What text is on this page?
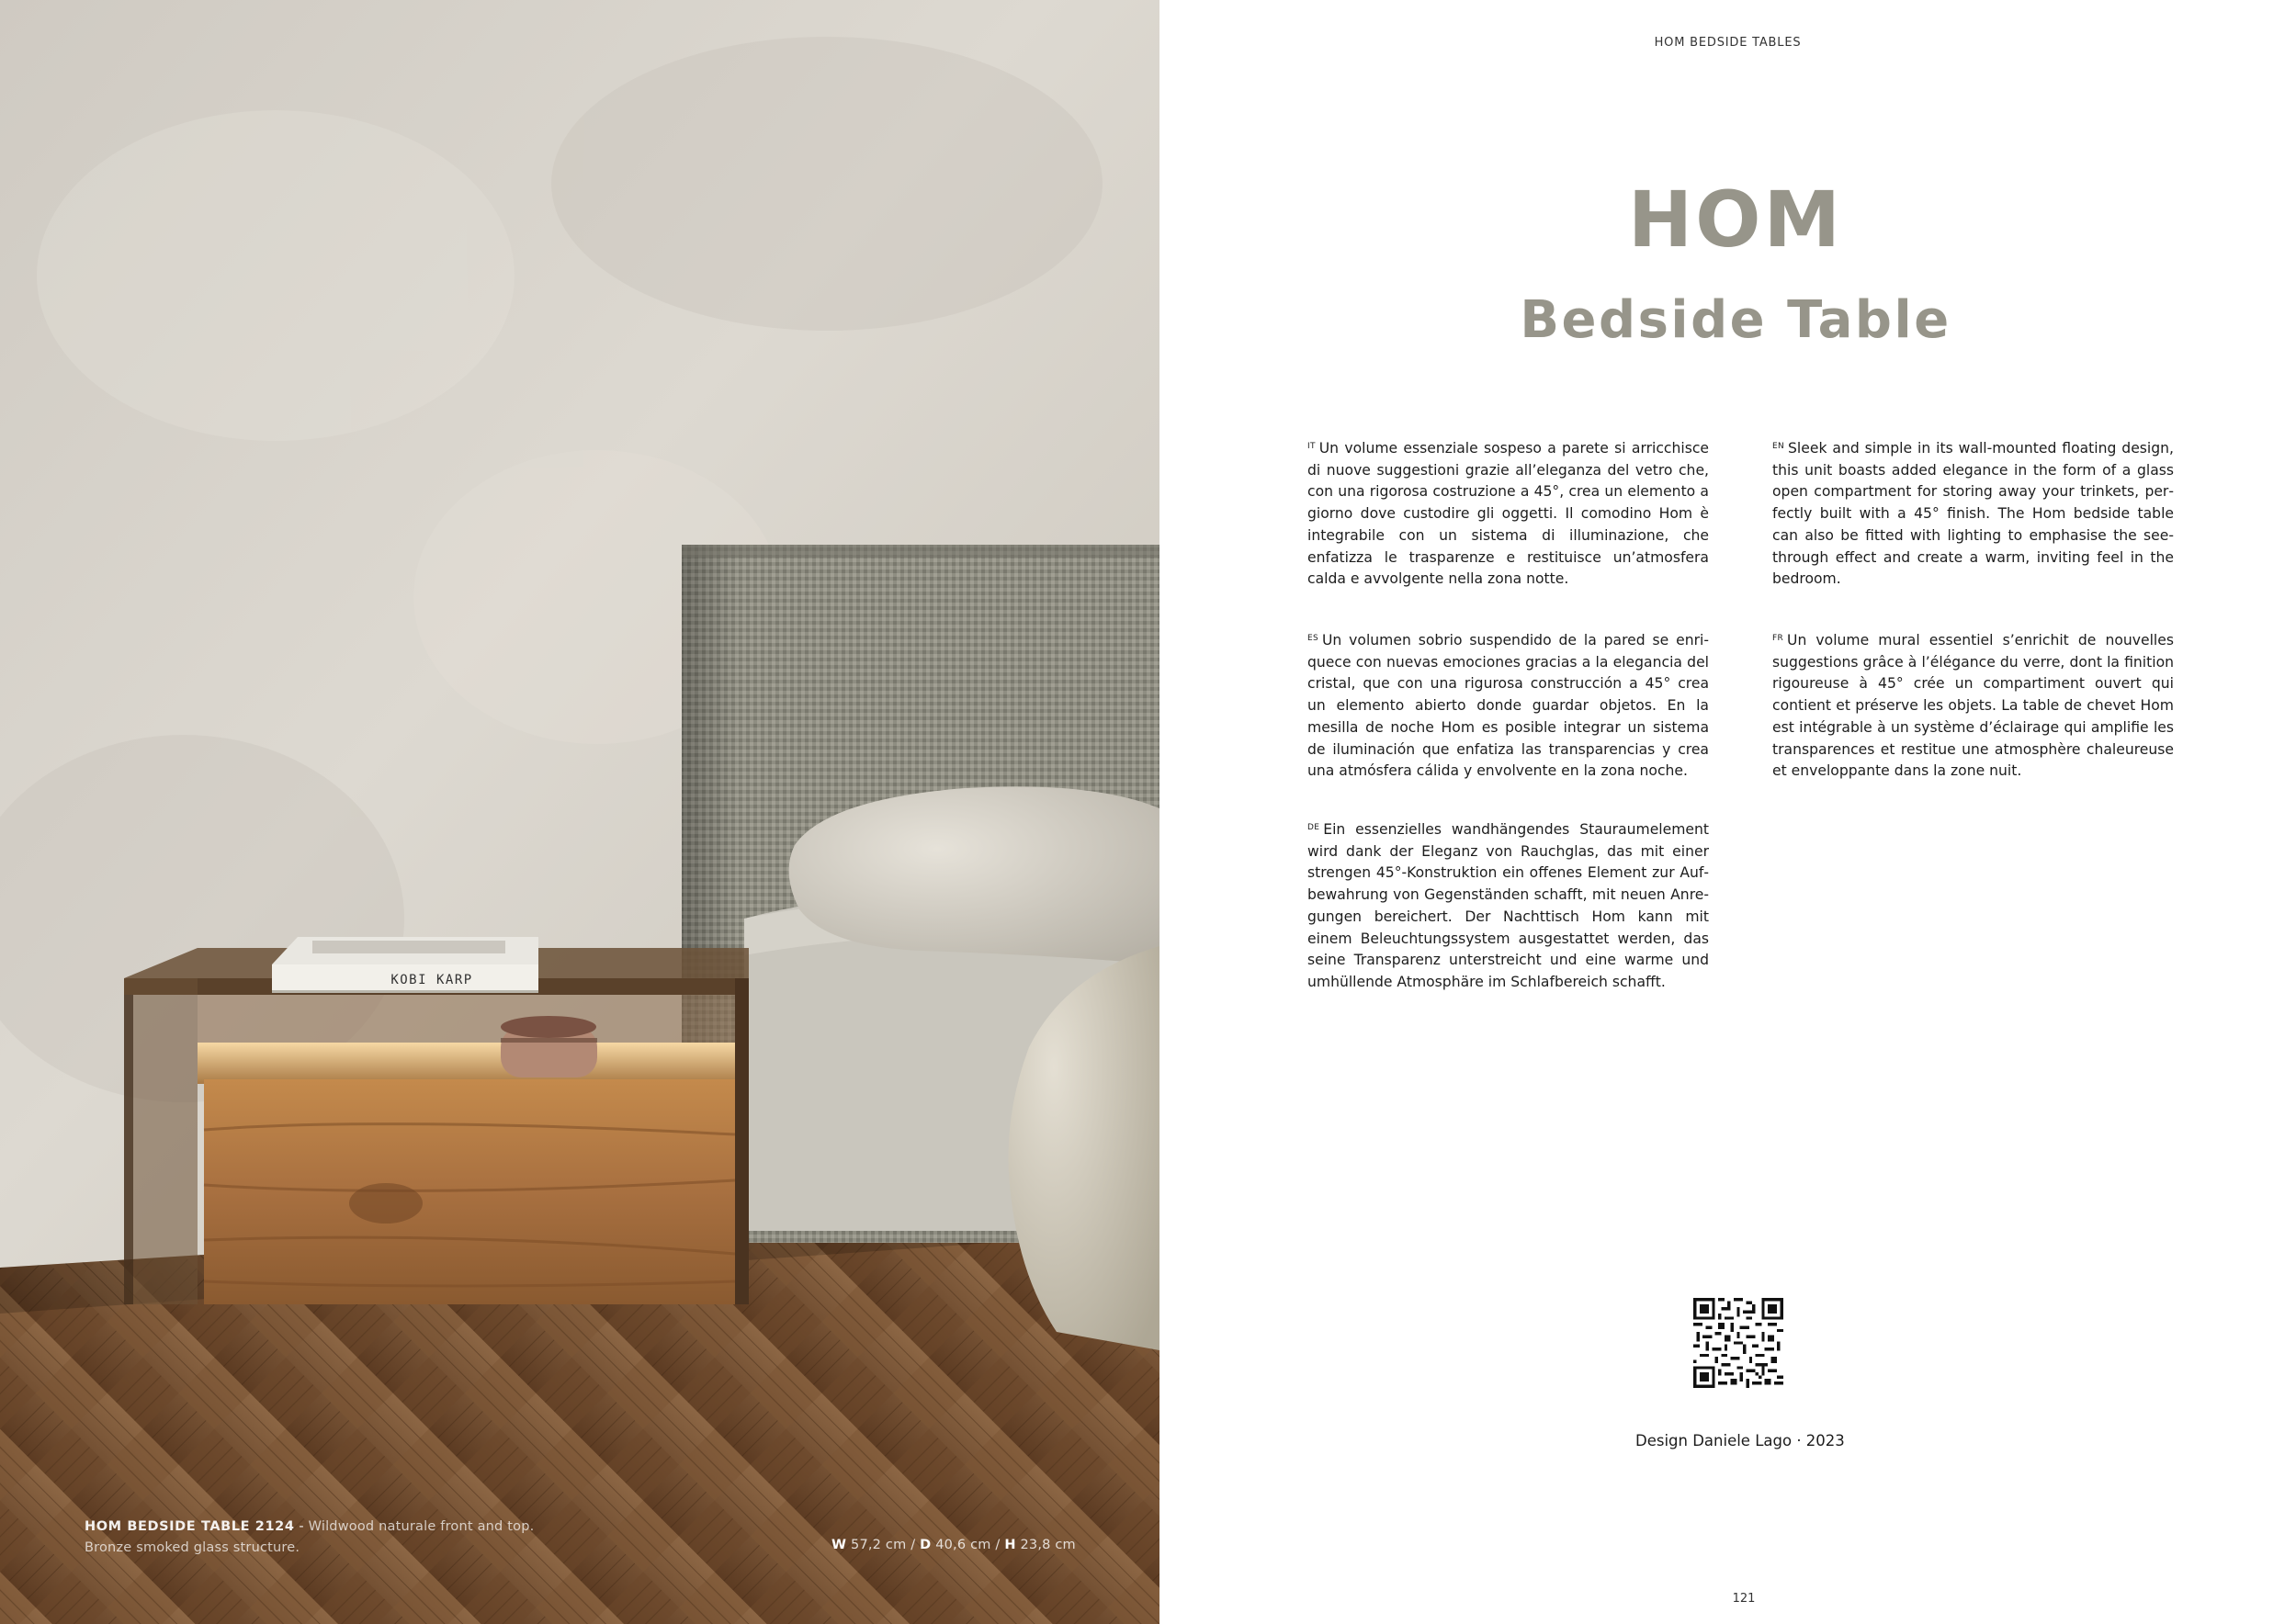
KOBI KARP
HOM BEDSIDE TABLE 2124 - Wildwood naturale front and top.
Bronze smoked glass structure.	W 57,2 cm / D 40,6 cm / H 23,8 cm
HOM BEDSIDE TABLES
HOM
Bedside Table
$^{IT}$ Un volume essenziale sospeso a parete si arricchisce di nuove suggestioni grazie all’eleganza del vetro che, con una rigorosa costruzione a 45°, crea un elemento a giorno dove custodire gli oggetti. Il comodino Hom è integrabile con un sistema di illuminazione, che enfatizza le trasparenze e restituisce un’atmosfera calda e avvolgente nella zona notte.
$^{EN}$ Sleek and simple in its wall-mounted floating design, this unit boasts added elegance in the form of a glass open compartment for storing away your trinkets, perfectly built with a 45° finish. The Hom bedside table can also be fitted with lighting to emphasise the see-through effect and create a warm, inviting feel in the bedroom.
$^{ES}$ Un volumen sobrio suspendido de la pared se enriquece con nuevas emociones gracias a la elegancia del cristal, que con una rigurosa construcción a 45° crea un elemento abierto donde guardar objetos. En la mesilla de noche Hom es posible integrar un sistema de iluminación que enfatiza las transparencias y crea una atmósfera cálida y envolvente en la zona noche.
$^{FR}$ Un volume mural essentiel s’enrichit de nouvelles suggestions grâce à l’élégance du verre, dont la finition rigoureuse à 45° crée un compartiment ouvert qui contient et préserve les objets. La table de chevet Hom est intégrable à un système d’éclairage qui amplifie les transparences et restitue une atmosphère chaleureuse et enveloppante dans la zone nuit.
$^{DE}$ Ein essenzielles wandhängendes Stauraumelement wird dank der Eleganz von Rauchglas, das mit einer strengen 45°-Konstruktion ein offenes Element zur Aufbewahrung von Gegenständen schafft, mit neuen Anregungen bereichert. Der Nachttisch Hom kann mit einem Beleuchtungssystem ausgestattet werden, das seine Transparenz unterstreicht und eine warme und umhüllende Atmosphäre im Schlafbereich schafft.
Design Daniele Lago · 2023
121
